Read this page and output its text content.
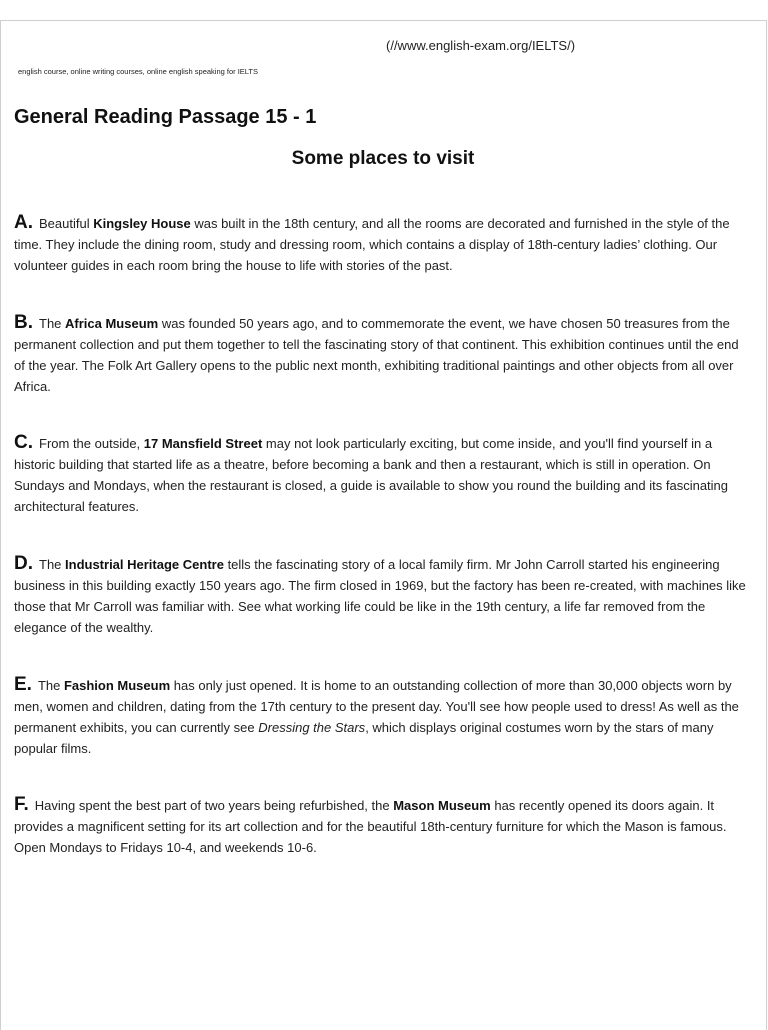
(//www.english-exam.org/IELTS/)
english course, online writing courses, online english speaking for IELTS
General Reading Passage 15 - 1
Some places to visit

A. Beautiful Kingsley House was built in the 18th century, and all the rooms are decorated and furnished in the style of the time. They include the dining room, study and dressing room, which contains a display of 18th-century ladies’ clothing. Our volunteer guides in each room bring the house to life with stories of the past.

B. The Africa Museum was founded 50 years ago, and to commemorate the event, we have chosen 50 treasures from the permanent collection and put them together to tell the fascinating story of that continent. This exhibition continues until the end of the year. The Folk Art Gallery opens to the public next month, exhibiting traditional paintings and other objects from all over Africa.

C. From the outside, 17 Mansfield Street may not look particularly exciting, but come inside, and you'll find yourself in a historic building that started life as a theatre, before becoming a bank and then a restaurant, which is still in operation. On Sundays and Mondays, when the restaurant is closed, a guide is available to show you round the building and its fascinating architectural features.

D. The Industrial Heritage Centre tells the fascinating story of a local family firm. Mr John Carroll started his engineering business in this building exactly 150 years ago. The firm closed in 1969, but the factory has been re-created, with machines like those that Mr Carroll was familiar with. See what working life could be like in the 19th century, a life far removed from the elegance of the wealthy.

E. The Fashion Museum has only just opened. It is home to an outstanding collection of more than 30,000 objects worn by men, women and children, dating from the 17th century to the present day. You'll see how people used to dress! As well as the permanent exhibits, you can currently see Dressing the Stars, which displays original costumes worn by the stars of many popular films.

F. Having spent the best part of two years being refurbished, the Mason Museum has recently opened its doors again. It provides a magnificent setting for its art collection and for the beautiful 18th-century furniture for which the Mason is famous. Open Mondays to Fridays 10-4, and weekends 10-6.
